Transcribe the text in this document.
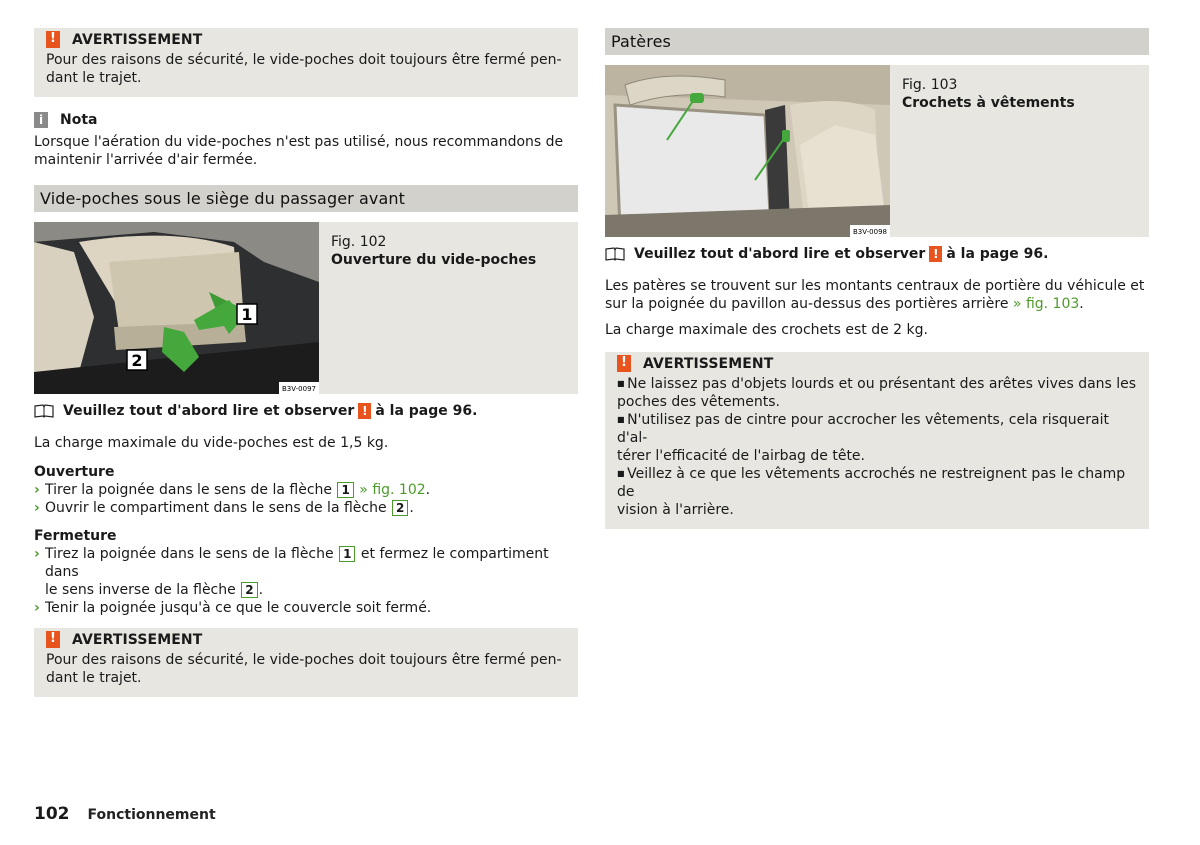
! AVERTISSEMENT
Pour des raisons de sécurité, le vide-poches doit toujours être fermé pen-
dant le trajet.
i	Nota
Lorsque l'aération du vide-poches n'est pas utilisé, nous recommandons de
maintenir l'arrivée d'air fermée.
Vide-poches sous le siège du passager avant
1
2
B3V-0097
Fig. 102
Ouverture du vide-poches
Veuillez tout d'abord lire et observer ! à la page 96.

La charge maximale du vide-poches est de 1,5 kg.

Ouverture
› Tirer la poignée dans le sens de la flèche 1 » fig. 102.
› Ouvrir le compartiment dans le sens de la flèche 2 .
Fermeture
› Tirez la poignée dans le sens de la flèche 1 et fermez le compartiment dans
le sens inverse de la flèche 2 .
› Tenir la poignée jusqu'à ce que le couvercle soit fermé.
! AVERTISSEMENT
Pour des raisons de sécurité, le vide-poches doit toujours être fermé pen-
dant le trajet.
Patères
B3V-0098
Fig. 103
Crochets à vêtements
Veuillez tout d'abord lire et observer ! à la page 96.
Les patères se trouvent sur les montants centraux de portière du véhicule et
sur la poignée du pavillon au-dessus des portières arrière » fig. 103.

La charge maximale des crochets est de 2 kg.

! AVERTISSEMENT
■ Ne laissez pas d'objets lourds et ou présentant des arêtes vives dans les
poches des vêtements.
■ N'utilisez pas de cintre pour accrocher les vêtements, cela risquerait d'al-
térer l'efficacité de l'airbag de tête.
■ Veillez à ce que les vêtements accrochés ne restreignent pas le champ de
vision à l'arrière.
102 Fonctionnement
